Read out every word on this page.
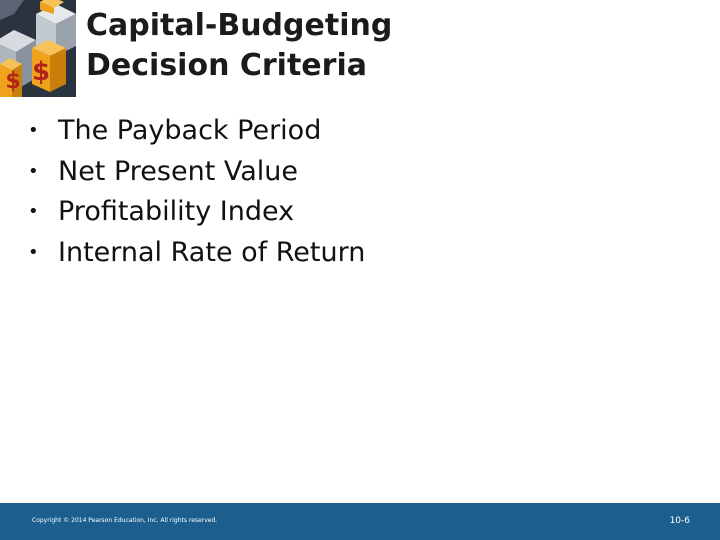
$
$
Capital-Budgeting
Decision Criteria
• The Payback Period
• Net Present Value
• Profitability Index
• Internal Rate of Return
Copyright © 2014 Pearson Education, Inc. All rights reserved.	10-6
